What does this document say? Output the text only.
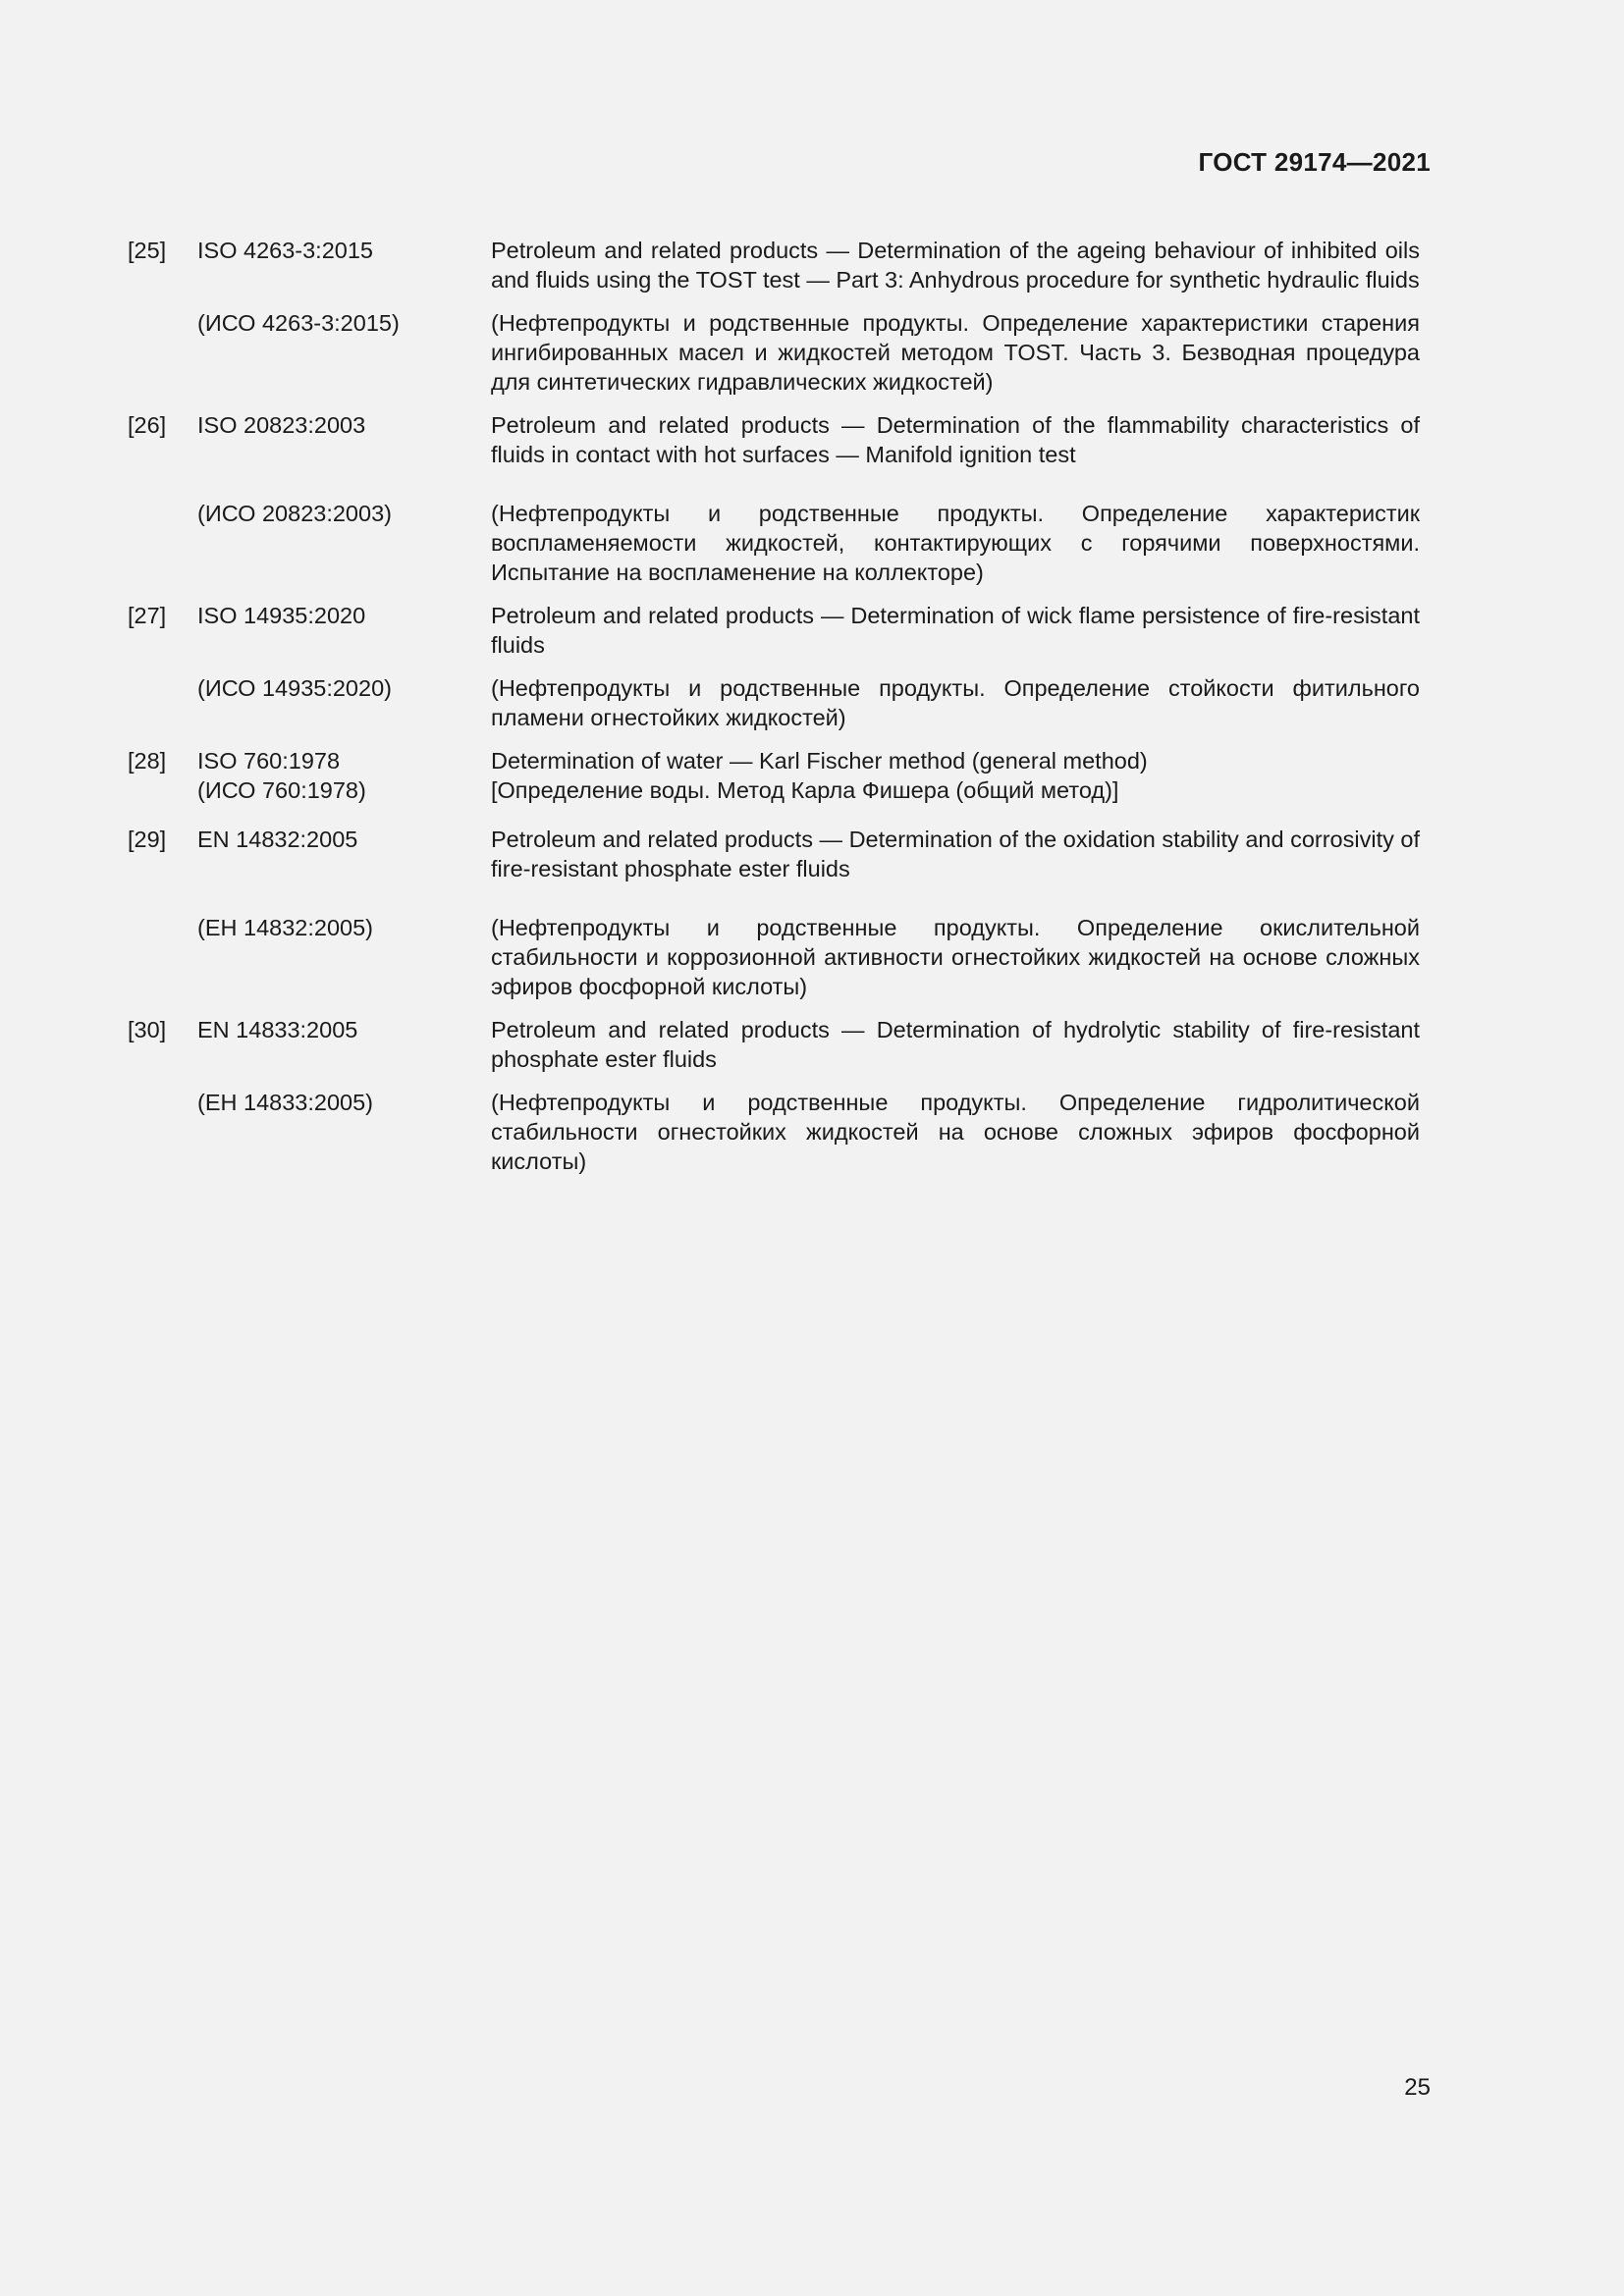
ГОСТ 29174—2021
[25]	ISO 4263-3:2015	Petroleum and related products — Determination of the ageing behaviour of inhibited oils and fluids using the TOST test — Part 3: Anhydrous procedure for synthetic hydraulic fluids
(ИСО 4263-3:2015)	(Нефтепродукты и родственные продукты. Определение характеристики старения ингибированных масел и жидкостей методом TOST. Часть 3. Безводная процедура для синтетических гидравлических жидкостей)
[26]	ISO 20823:2003	Petroleum and related products — Determination of the flammability characteristics of fluids in contact with hot surfaces — Manifold ignition test
(ИСО 20823:2003)	(Нефтепродукты и родственные продукты. Определение характеристик воспламеняемости жидкостей, контактирующих с горячими поверхностями. Испытание на воспламенение на коллекторе)
[27]	ISO 14935:2020	Petroleum and related products — Determination of wick flame persistence of fire-resistant fluids
(ИСО 14935:2020)	(Нефтепродукты и родственные продукты. Определение стойкости фитильного пламени огнестойких жидкостей)
[28]	ISO 760:1978	Determination of water — Karl Fischer method (general method)
(ИСО 760:1978)	[Определение воды. Метод Карла Фишера (общий метод)]
[29]	EN 14832:2005	Petroleum and related products — Determination of the oxidation stability and corrosivity of fire-resistant phosphate ester fluids
(ЕН 14832:2005)	(Нефтепродукты и родственные продукты. Определение окислительной стабильности и коррозионной активности огнестойких жидкостей на основе сложных эфиров фосфорной кислоты)
[30]	EN 14833:2005	Petroleum and related products — Determination of hydrolytic stability of fire-resistant phosphate ester fluids
(ЕН 14833:2005)	(Нефтепродукты и родственные продукты. Определение гидролитической стабильности огнестойких жидкостей на основе сложных эфиров фосфорной кислоты)
25
